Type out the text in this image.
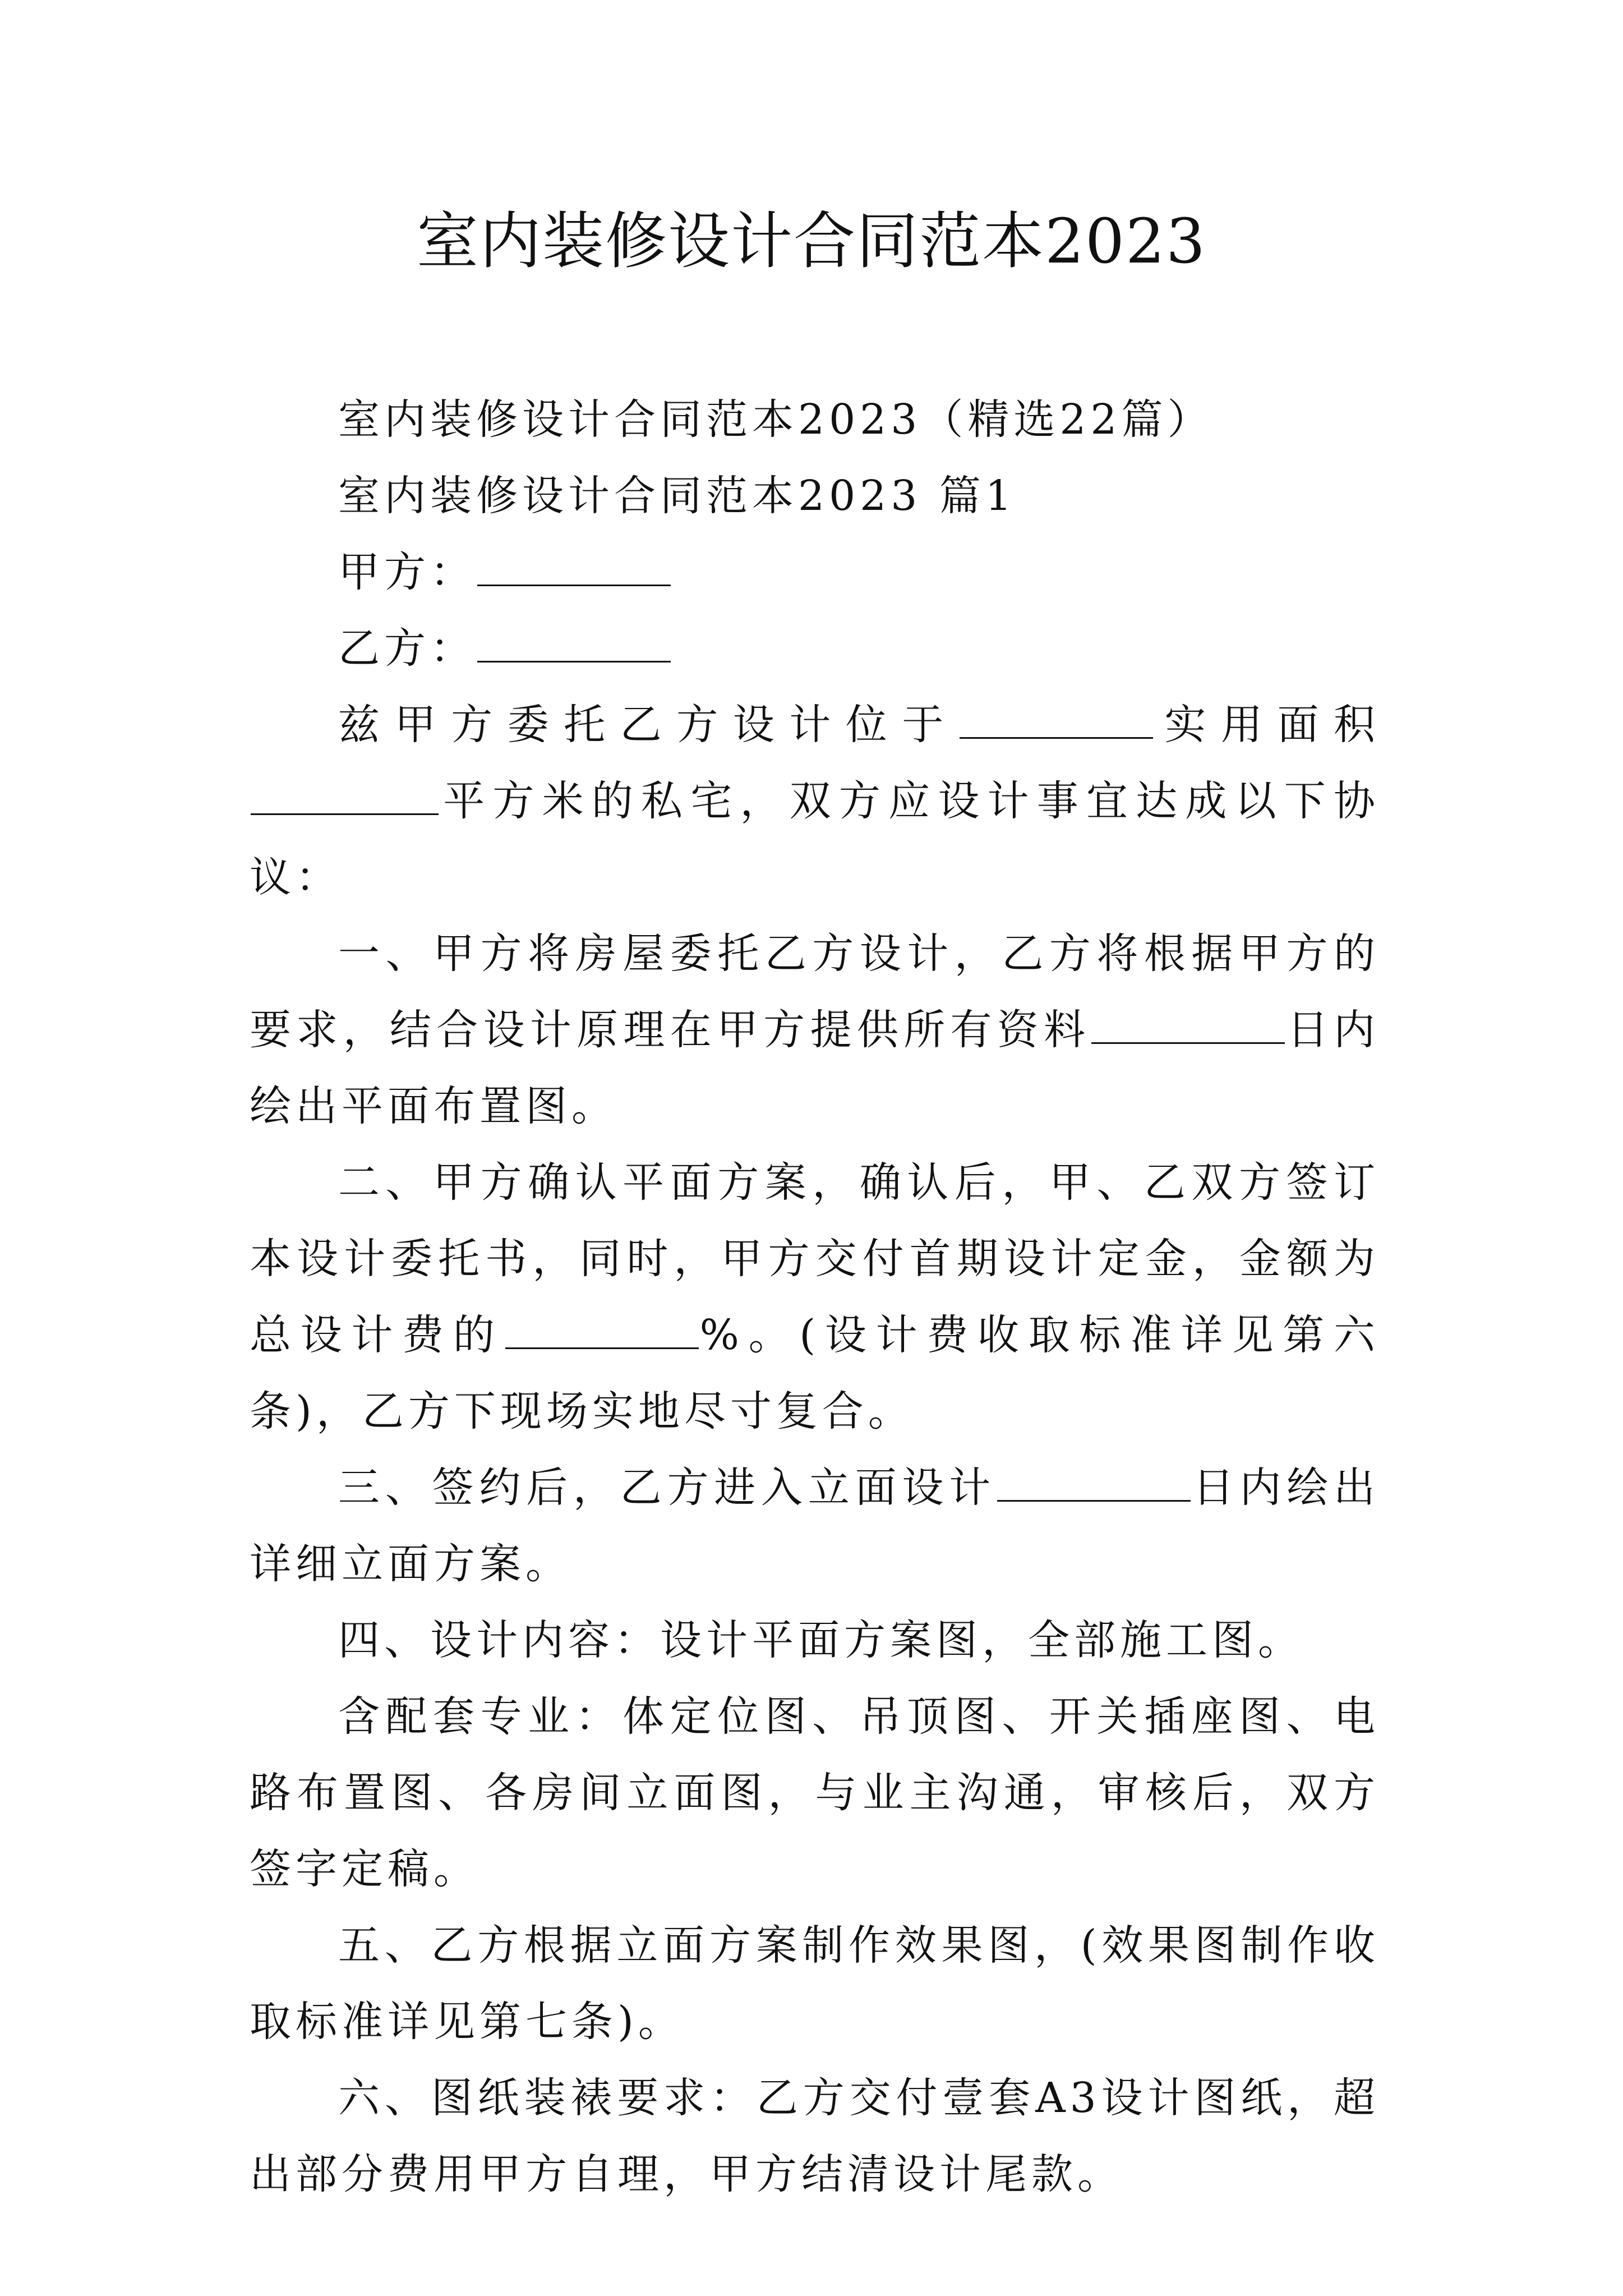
室内装修设计合同范本2023

室内装修设计合同范本2023（精选22篇）

室内装修设计合同范本2023 篇1

甲方：

乙方：

兹甲方委托乙方设计位于	实用面积平方米的私宅，双方应设计事宜达成以下协议：

一、甲方将房屋委托乙方设计，乙方将根据甲方的要求，结合设计原理在甲方提供所有资料	日内绘出平面布置图。

二、甲方确认平面方案，确认后，甲、乙双方签订本设计委托书，同时，甲方交付首期设计定金，金额为总设计费的	%。(设计费收取标准详见第六条)，乙方下现场实地尽寸复合。

三、签约后，乙方进入立面设计	日内绘出详细立面方案。

四、设计内容：设计平面方案图，全部施工图。

含配套专业：体定位图、吊顶图、开关插座图、电路布置图、各房间立面图，与业主沟通，审核后，双方签字定稿。

五、乙方根据立面方案制作效果图，(效果图制作收取标准详见第七条)。

六、图纸装裱要求：乙方交付壹套A3设计图纸，超出部分费用甲方自理，甲方结清设计尾款。
